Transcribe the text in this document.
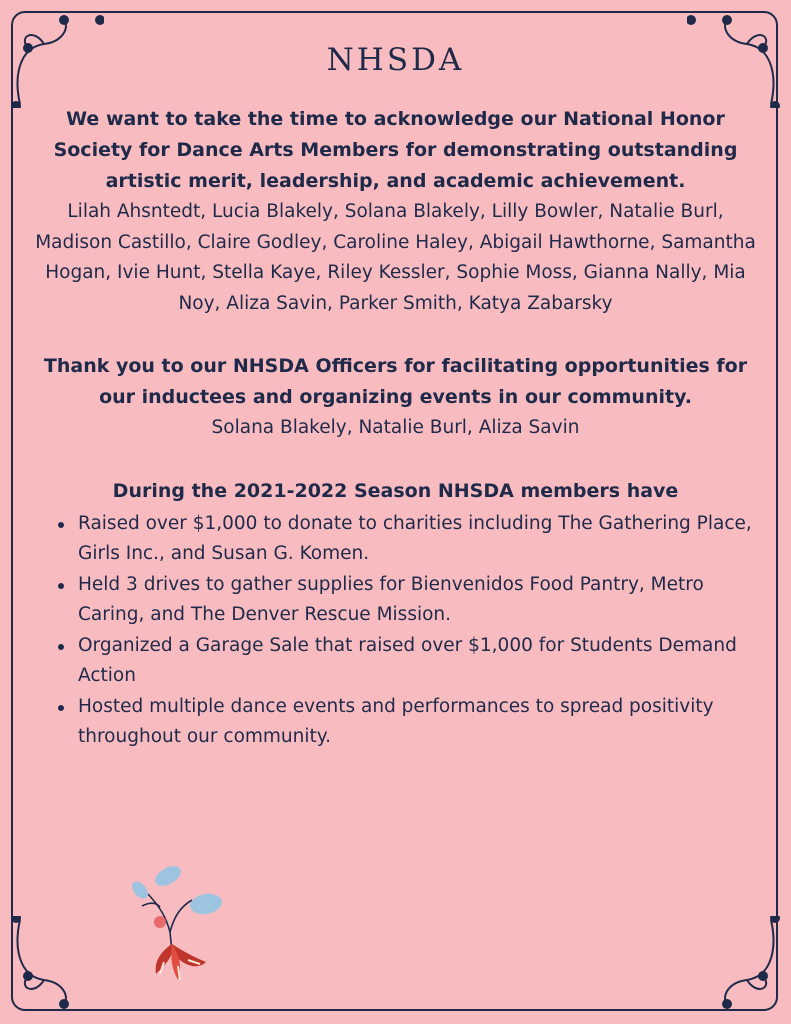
NHSDA

We want to take the time to acknowledge our National Honor Society for Dance Arts Members for demonstrating outstanding artistic merit, leadership, and academic achievement.

Lilah Ahsntedt, Lucia Blakely, Solana Blakely, Lilly Bowler, Natalie Burl, Madison Castillo, Claire Godley, Caroline Haley, Abigail Hawthorne, Samantha Hogan, Ivie Hunt, Stella Kaye, Riley Kessler, Sophie Moss, Gianna Nally, Mia Noy, Aliza Savin, Parker Smith, Katya Zabarsky

Thank you to our NHSDA Officers for facilitating opportunities for our inductees and organizing events in our community.

Solana Blakely, Natalie Burl, Aliza Savin

During the 2021-2022 Season NHSDA members have

Raised over $1,000 to donate to charities including The Gathering Place, Girls Inc., and Susan G. Komen.
Held 3 drives to gather supplies for Bienvenidos Food Pantry, Metro Caring, and The Denver Rescue Mission.
Organized a Garage Sale that raised over $1,000 for Students Demand Action
Hosted multiple dance events and performances to spread positivity throughout our community.
